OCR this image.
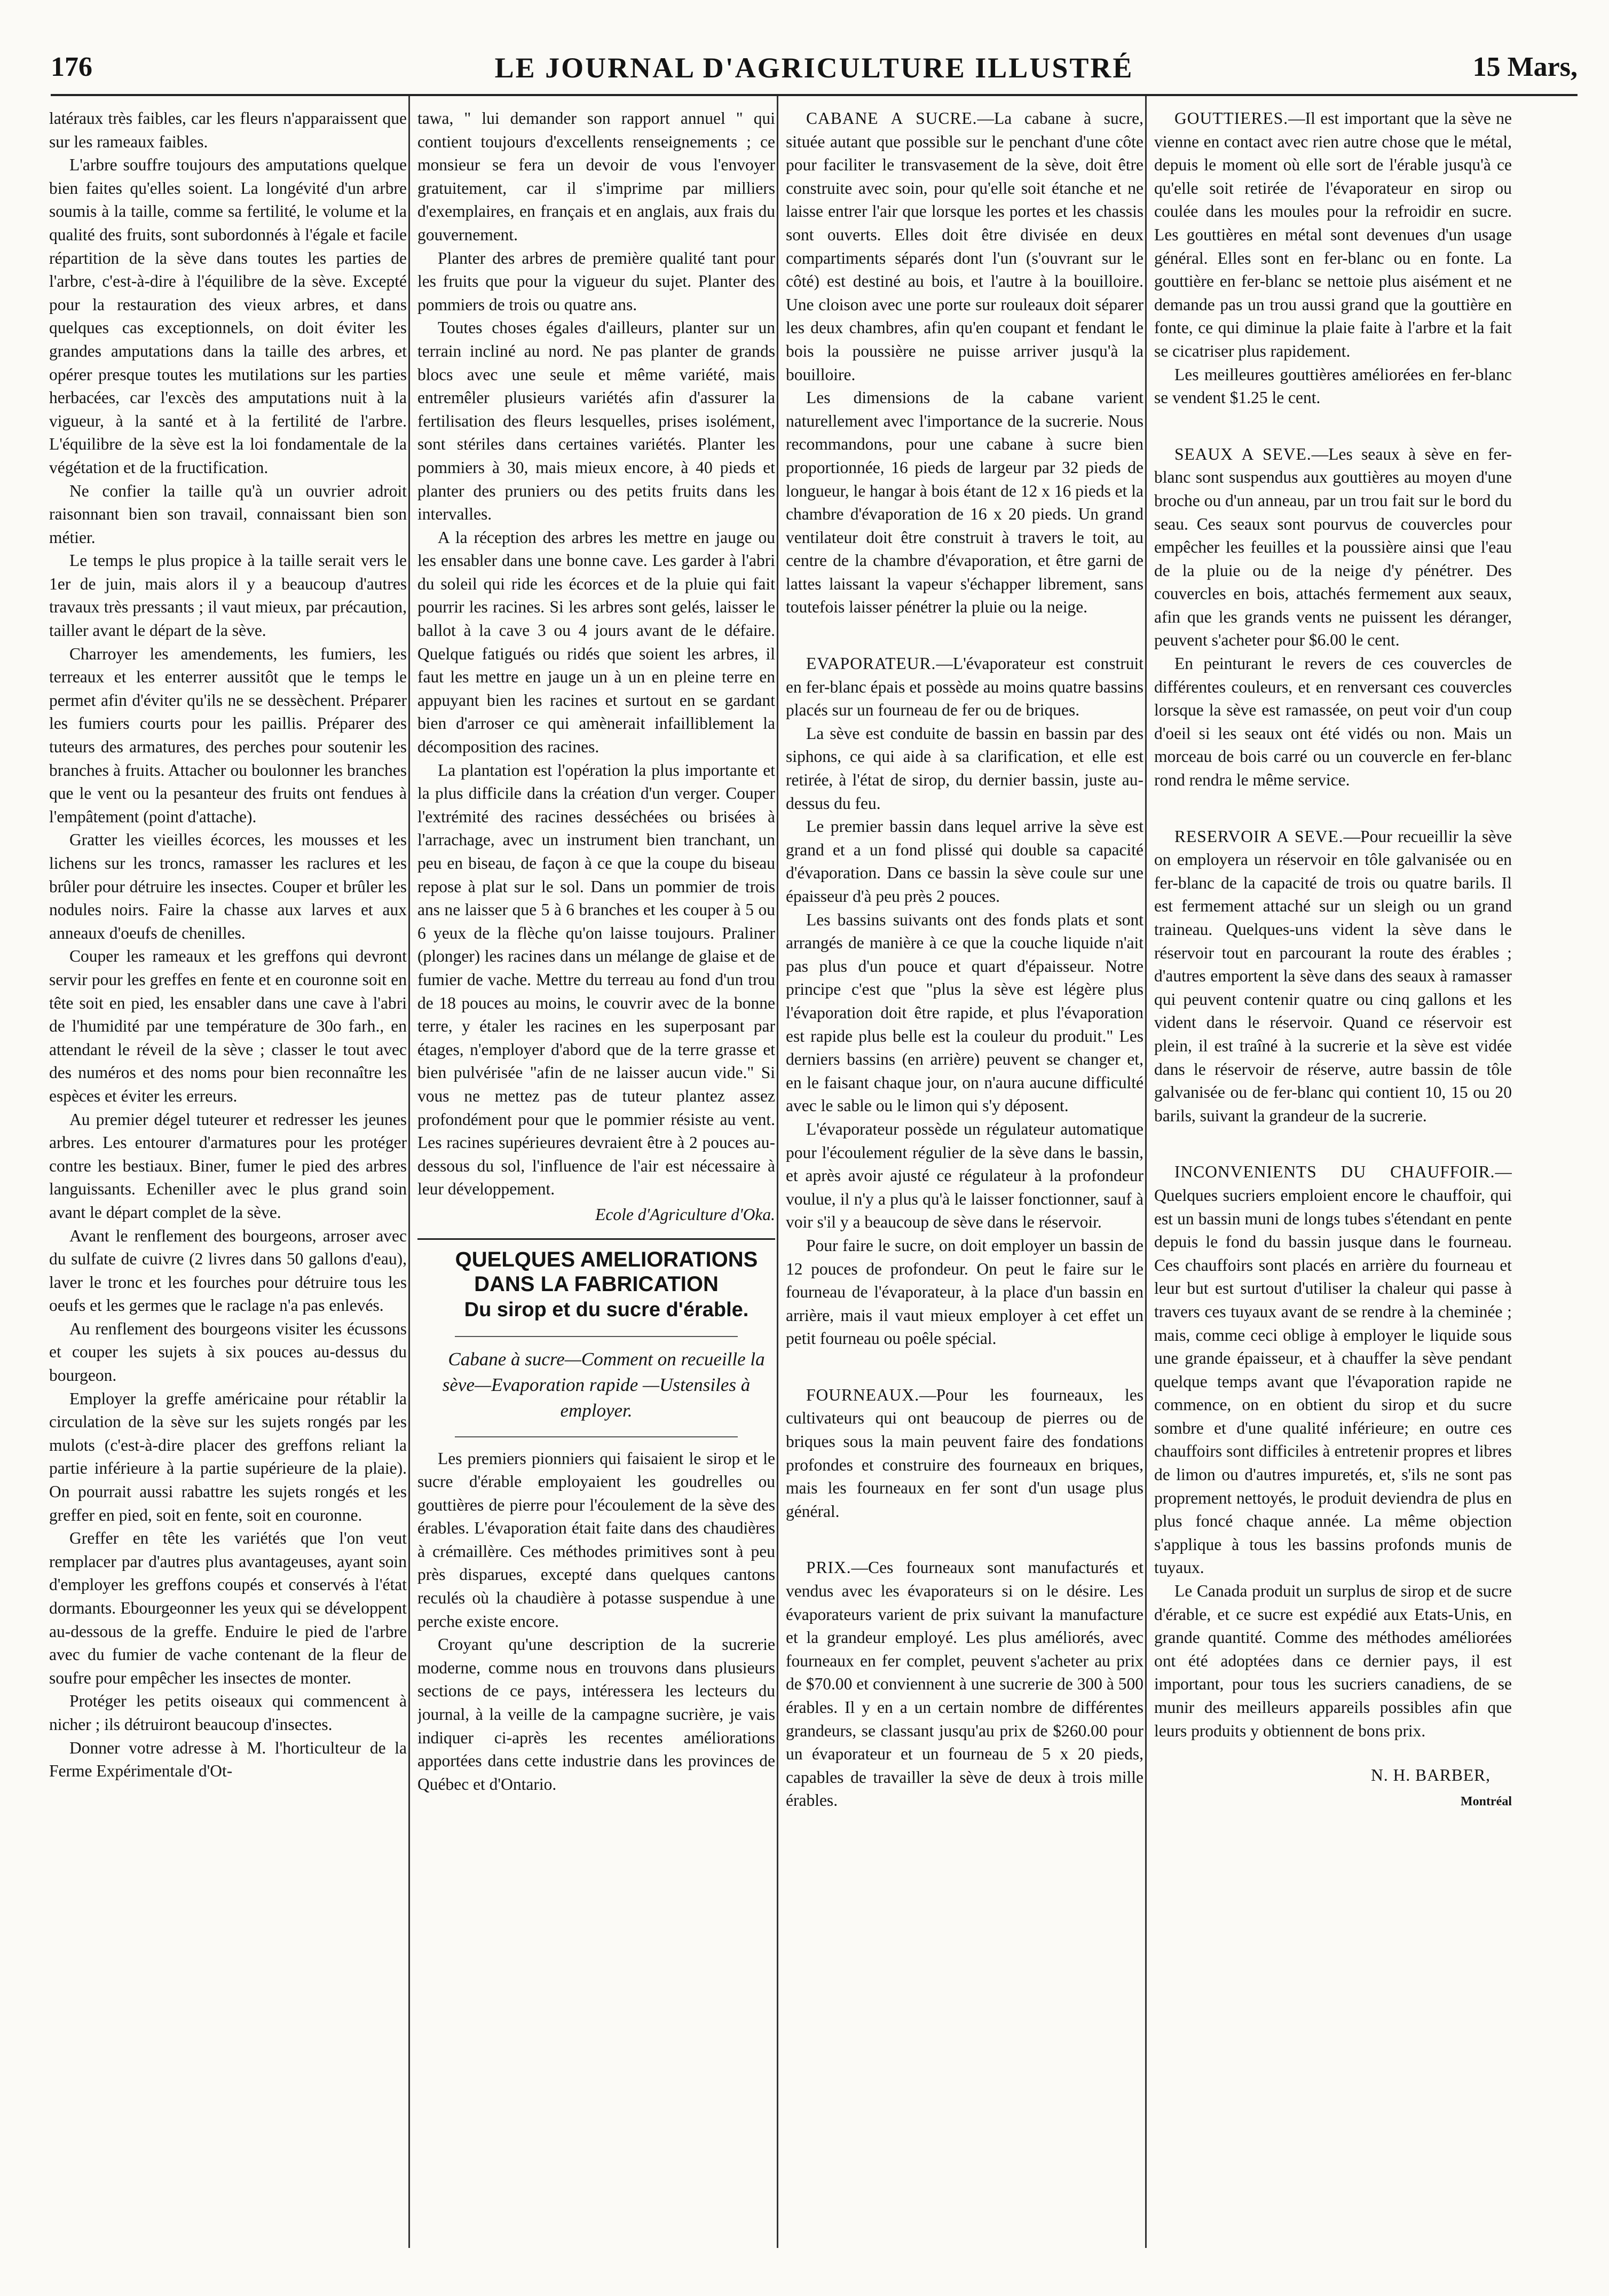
LE JOURNAL D'AGRICULTURE ILLUSTRÉ
176	15 Mars,

latéraux très faibles, car les fleurs n'apparaissent que sur les rameaux faibles.

L'arbre souffre toujours des amputations quelque bien faites qu'elles soient. La longévité d'un arbre soumis à la taille, comme sa fertilité, le volume et la qualité des fruits, sont subordonnés à l'égale et facile répartition de la sève dans toutes les parties de l'arbre, c'est-à-dire à l'équilibre de la sève. Excepté pour la restauration des vieux arbres, et dans quelques cas exceptionnels, on doit éviter les grandes amputations dans la taille des arbres, et opérer presque toutes les mutilations sur les parties herbacées, car l'excès des amputations nuit à la vigueur, à la santé et à la fertilité de l'arbre. L'équilibre de la sève est la loi fondamentale de la végétation et de la fructification.

Ne confier la taille qu'à un ouvrier adroit raisonnant bien son travail, connaissant bien son métier.

Le temps le plus propice à la taille serait vers le 1er de juin, mais alors il y a beaucoup d'autres travaux très pressants ; il vaut mieux, par précaution, tailler avant le départ de la sève.

Charroyer les amendements, les fumiers, les terreaux et les enterrer aussitôt que le temps le permet afin d'éviter qu'ils ne se dessèchent. Préparer les fumiers courts pour les paillis. Préparer des tuteurs des armatures, des perches pour soutenir les branches à fruits. Attacher ou boulonner les branches que le vent ou la pesanteur des fruits ont fendues à l'empâtement (point d'attache).

Gratter les vieilles écorces, les mousses et les lichens sur les troncs, ramasser les raclures et les brûler pour détruire les insectes. Couper et brûler les nodules noirs. Faire la chasse aux larves et aux anneaux d'oeufs de chenilles.

Couper les rameaux et les greffons qui devront servir pour les greffes en fente et en couronne soit en tête soit en pied, les ensabler dans une cave à l'abri de l'humidité par une température de 30o farh., en attendant le réveil de la sève ; classer le tout avec des numéros et des noms pour bien reconnaître les espèces et éviter les erreurs.

Au premier dégel tuteurer et redresser les jeunes arbres. Les entourer d'armatures pour les protéger contre les bestiaux. Biner, fumer le pied des arbres languissants. Echeniller avec le plus grand soin avant le départ complet de la sève.

Avant le renflement des bourgeons, arroser avec du sulfate de cuivre (2 livres dans 50 gallons d'eau), laver le tronc et les fourches pour détruire tous les oeufs et les germes que le raclage n'a pas enlevés.

Au renflement des bourgeons visiter les écussons et couper les sujets à six pouces au-dessus du bourgeon.

Employer la greffe américaine pour rétablir la circulation de la sève sur les sujets rongés par les mulots (c'est-à-dire placer des greffons reliant la partie inférieure à la partie supérieure de la plaie). On pourrait aussi rabattre les sujets rongés et les greffer en pied, soit en fente, soit en couronne.

Greffer en tête les variétés que l'on veut remplacer par d'autres plus avantageuses, ayant soin d'employer les greffons coupés et conservés à l'état dormants. Ebourgeonner les yeux qui se développent au-dessous de la greffe. Enduire le pied de l'arbre avec du fumier de vache contenant de la fleur de soufre pour empêcher les insectes de monter.

Protéger les petits oiseaux qui commencent à nicher ; ils détruiront beaucoup d'insectes.

Donner votre adresse à M. l'horticulteur de la Ferme Expérimentale d'Ot-

tawa, " lui demander son rapport annuel " qui contient toujours d'excellents renseignements ; ce monsieur se fera un devoir de vous l'envoyer gratuitement, car il s'imprime par milliers d'exemplaires, en français et en anglais, aux frais du gouvernement.

Planter des arbres de première qualité tant pour les fruits que pour la vigueur du sujet. Planter des pommiers de trois ou quatre ans.

Toutes choses égales d'ailleurs, planter sur un terrain incliné au nord. Ne pas planter de grands blocs avec une seule et même variété, mais entremêler plusieurs variétés afin d'assurer la fertilisation des fleurs lesquelles, prises isolément, sont stériles dans certaines variétés. Planter les pommiers à 30, mais mieux encore, à 40 pieds et planter des pruniers ou des petits fruits dans les intervalles.

A la réception des arbres les mettre en jauge ou les ensabler dans une bonne cave. Les garder à l'abri du soleil qui ride les écorces et de la pluie qui fait pourrir les racines. Si les arbres sont gelés, laisser le ballot à la cave 3 ou 4 jours avant de le défaire. Quelque fatigués ou ridés que soient les arbres, il faut les mettre en jauge un à un en pleine terre en appuyant bien les racines et surtout en se gardant bien d'arroser ce qui amènerait infailliblement la décomposition des racines.

La plantation est l'opération la plus importante et la plus difficile dans la création d'un verger. Couper l'extrémité des racines desséchées ou brisées à l'arrachage, avec un instrument bien tranchant, un peu en biseau, de façon à ce que la coupe du biseau repose à plat sur le sol. Dans un pommier de trois ans ne laisser que 5 à 6 branches et les couper à 5 ou 6 yeux de la flèche qu'on laisse toujours. Praliner (plonger) les racines dans un mélange de glaise et de fumier de vache. Mettre du terreau au fond d'un trou de 18 pouces au moins, le couvrir avec de la bonne terre, y étaler les racines en les superposant par étages, n'employer d'abord que de la terre grasse et bien pulvérisée "afin de ne laisser aucun vide." Si vous ne mettez pas de tuteur plantez assez profondément pour que le pommier résiste au vent. Les racines supérieures devraient être à 2 pouces au-dessous du sol, l'influence de l'air est nécessaire à leur développement.

Ecole d'Agriculture d'Oka.

QUELQUES AMELIORATIONS DANS LA FABRICATION

Du sirop et du sucre d'érable.

Cabane à sucre—Comment on recueille la sève—Evaporation rapide —Ustensiles à employer.

Les premiers pionniers qui faisaient le sirop et le sucre d'érable employaient les goudrelles ou gouttières de pierre pour l'écoulement de la sève des érables. L'évaporation était faite dans des chaudières à crémaillère. Ces méthodes primitives sont à peu près disparues, excepté dans quelques cantons reculés où la chaudière à potasse suspendue à une perche existe encore.

Croyant qu'une description de la sucrerie moderne, comme nous en trouvons dans plusieurs sections de ce pays, intéressera les lecteurs du journal, à la veille de la campagne sucrière, je vais indiquer ci-après les recentes améliorations apportées dans cette industrie dans les provinces de Québec et d'Ontario.

CABANE A SUCRE.—La cabane à sucre, située autant que possible sur le penchant d'une côte pour faciliter le transvasement de la sève, doit être construite avec soin, pour qu'elle soit étanche et ne laisse entrer l'air que lorsque les portes et les chassis sont ouverts. Elles doit être divisée en deux compartiments séparés dont l'un (s'ouvrant sur le côté) est destiné au bois, et l'autre à la bouilloire. Une cloison avec une porte sur rouleaux doit séparer les deux chambres, afin qu'en coupant et fendant le bois la poussière ne puisse arriver jusqu'à la bouilloire.

Les dimensions de la cabane varient naturellement avec l'importance de la sucrerie. Nous recommandons, pour une cabane à sucre bien proportionnée, 16 pieds de largeur par 32 pieds de longueur, le hangar à bois étant de 12 x 16 pieds et la chambre d'évaporation de 16 x 20 pieds. Un grand ventilateur doit être construit à travers le toit, au centre de la chambre d'évaporation, et être garni de lattes laissant la vapeur s'échapper librement, sans toutefois laisser pénétrer la pluie ou la neige.

EVAPORATEUR.—L'évaporateur est construit en fer-blanc épais et possède au moins quatre bassins placés sur un fourneau de fer ou de briques.

La sève est conduite de bassin en bassin par des siphons, ce qui aide à sa clarification, et elle est retirée, à l'état de sirop, du dernier bassin, juste au-dessus du feu.

Le premier bassin dans lequel arrive la sève est grand et a un fond plissé qui double sa capacité d'évaporation. Dans ce bassin la sève coule sur une épaisseur d'à peu près 2 pouces.

Les bassins suivants ont des fonds plats et sont arrangés de manière à ce que la couche liquide n'ait pas plus d'un pouce et quart d'épaisseur. Notre principe c'est que "plus la sève est légère plus l'évaporation doit être rapide, et plus l'évaporation est rapide plus belle est la couleur du produit." Les derniers bassins (en arrière) peuvent se changer et, en le faisant chaque jour, on n'aura aucune difficulté avec le sable ou le limon qui s'y déposent.

L'évaporateur possède un régulateur automatique pour l'écoulement régulier de la sève dans le bassin, et après avoir ajusté ce régulateur à la profondeur voulue, il n'y a plus qu'à le laisser fonctionner, sauf à voir s'il y a beaucoup de sève dans le réservoir.

Pour faire le sucre, on doit employer un bassin de 12 pouces de profondeur. On peut le faire sur le fourneau de l'évaporateur, à la place d'un bassin en arrière, mais il vaut mieux employer à cet effet un petit fourneau ou poêle spécial.

FOURNEAUX.—Pour les fourneaux, les cultivateurs qui ont beaucoup de pierres ou de briques sous la main peuvent faire des fondations profondes et construire des fourneaux en briques, mais les fourneaux en fer sont d'un usage plus général.

PRIX.—Ces fourneaux sont manufacturés et vendus avec les évaporateurs si on le désire. Les évaporateurs varient de prix suivant la manufacture et la grandeur employé. Les plus améliorés, avec fourneaux en fer complet, peuvent s'acheter au prix de $70.00 et conviennent à une sucrerie de 300 à 500 érables. Il y en a un certain nombre de différentes grandeurs, se classant jusqu'au prix de $260.00 pour un évaporateur et un fourneau de 5 x 20 pieds, capables de travailler la sève de deux à trois mille érables.

GOUTTIERES.—Il est important que la sève ne vienne en contact avec rien autre chose que le métal, depuis le moment où elle sort de l'érable jusqu'à ce qu'elle soit retirée de l'évaporateur en sirop ou coulée dans les moules pour la refroidir en sucre. Les gouttières en métal sont devenues d'un usage général. Elles sont en fer-blanc ou en fonte. La gouttière en fer-blanc se nettoie plus aisément et ne demande pas un trou aussi grand que la gouttière en fonte, ce qui diminue la plaie faite à l'arbre et la fait se cicatriser plus rapidement.

Les meilleures gouttières améliorées en fer-blanc se vendent $1.25 le cent.

SEAUX A SEVE.—Les seaux à sève en fer-blanc sont suspendus aux gouttières au moyen d'une broche ou d'un anneau, par un trou fait sur le bord du seau. Ces seaux sont pourvus de couvercles pour empêcher les feuilles et la poussière ainsi que l'eau de la pluie ou de la neige d'y pénétrer. Des couvercles en bois, attachés fermement aux seaux, afin que les grands vents ne puissent les déranger, peuvent s'acheter pour $6.00 le cent.

En peinturant le revers de ces couvercles de différentes couleurs, et en renversant ces couvercles lorsque la sève est ramassée, on peut voir d'un coup d'oeil si les seaux ont été vidés ou non. Mais un morceau de bois carré ou un couvercle en fer-blanc rond rendra le même service.

RESERVOIR A SEVE.—Pour recueillir la sève on employera un réservoir en tôle galvanisée ou en fer-blanc de la capacité de trois ou quatre barils. Il est fermement attaché sur un sleigh ou un grand traineau. Quelques-uns vident la sève dans le réservoir tout en parcourant la route des érables ; d'autres emportent la sève dans des seaux à ramasser qui peuvent contenir quatre ou cinq gallons et les vident dans le réservoir. Quand ce réservoir est plein, il est traîné à la sucrerie et la sève est vidée dans le réservoir de réserve, autre bassin de tôle galvanisée ou de fer-blanc qui contient 10, 15 ou 20 barils, suivant la grandeur de la sucrerie.

INCONVENIENTS DU CHAUFFOIR.—Quelques sucriers emploient encore le chauffoir, qui est un bassin muni de longs tubes s'étendant en pente depuis le fond du bassin jusque dans le fourneau. Ces chauffoirs sont placés en arrière du fourneau et leur but est surtout d'utiliser la chaleur qui passe à travers ces tuyaux avant de se rendre à la cheminée ; mais, comme ceci oblige à employer le liquide sous une grande épaisseur, et à chauffer la sève pendant quelque temps avant que l'évaporation rapide ne commence, on en obtient du sirop et du sucre sombre et d'une qualité inférieure; en outre ces chauffoirs sont difficiles à entretenir propres et libres de limon ou d'autres impuretés, et, s'ils ne sont pas proprement nettoyés, le produit deviendra de plus en plus foncé chaque année. La même objection s'applique à tous les bassins profonds munis de tuyaux.

Le Canada produit un surplus de sirop et de sucre d'érable, et ce sucre est expédié aux Etats-Unis, en grande quantité. Comme des méthodes améliorées ont été adoptées dans ce dernier pays, il est important, pour tous les sucriers canadiens, de se munir des meilleurs appareils possibles afin que leurs produits y obtiennent de bons prix.

N. H. BARBER,

Montréal
